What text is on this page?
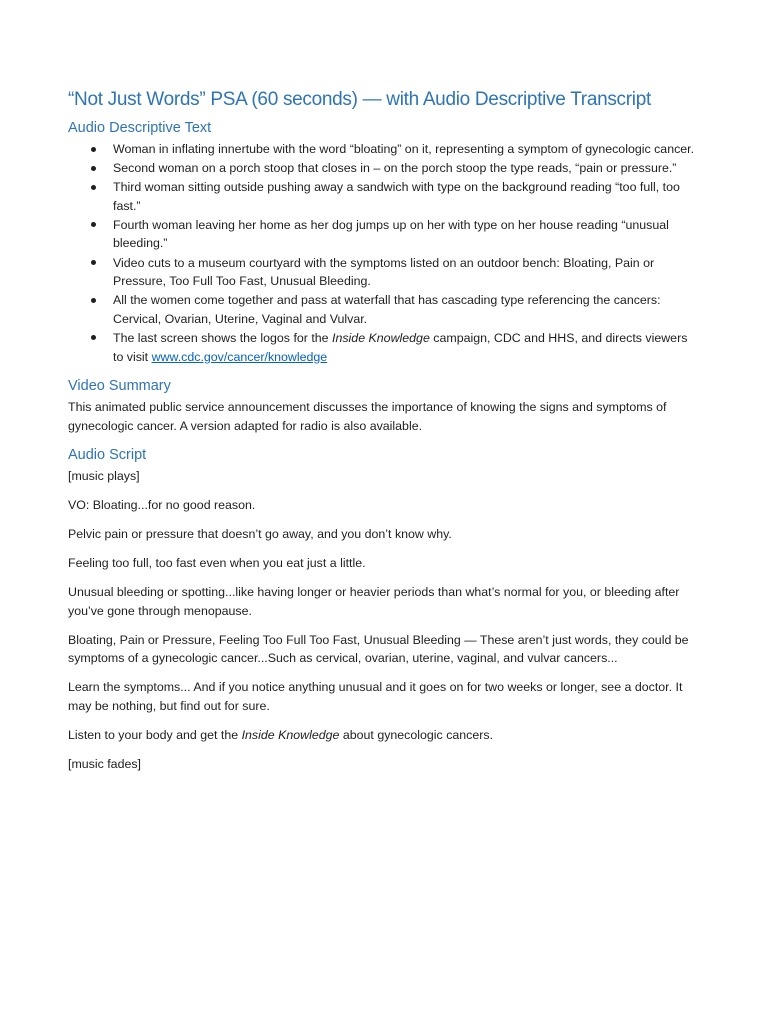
“Not Just Words” PSA (60 seconds) — with Audio Descriptive Transcript
Audio Descriptive Text
Woman in inflating innertube with the word “bloating” on it, representing a symptom of gynecologic cancer.
Second woman on a porch stoop that closes in – on the porch stoop the type reads, “pain or pressure.”
Third woman sitting outside pushing away a sandwich with type on the background reading “too full, too fast.”
Fourth woman leaving her home as her dog jumps up on her with type on her house reading “unusual bleeding.”
Video cuts to a museum courtyard with the symptoms listed on an outdoor bench: Bloating, Pain or Pressure, Too Full Too Fast, Unusual Bleeding.
All the women come together and pass at waterfall that has cascading type referencing the cancers: Cervical, Ovarian, Uterine, Vaginal and Vulvar.
The last screen shows the logos for the Inside Knowledge campaign, CDC and HHS, and directs viewers to visit www.cdc.gov/cancer/knowledge
Video Summary

This animated public service announcement discusses the importance of knowing the signs and symptoms of gynecologic cancer. A version adapted for radio is also available.

Audio Script

[music plays]

VO: Bloating...for no good reason.

Pelvic pain or pressure that doesn’t go away, and you don’t know why.

Feeling too full, too fast even when you eat just a little.

Unusual bleeding or spotting...like having longer or heavier periods than what’s normal for you, or bleeding after you’ve gone through menopause.

Bloating, Pain or Pressure, Feeling Too Full Too Fast, Unusual Bleeding — These aren’t just words, they could be symptoms of a gynecologic cancer...Such as cervical, ovarian, uterine, vaginal, and vulvar cancers...

Learn the symptoms... And if you notice anything unusual and it goes on for two weeks or longer, see a doctor. It may be nothing, but find out for sure.

Listen to your body and get the Inside Knowledge about gynecologic cancers.

[music fades]
